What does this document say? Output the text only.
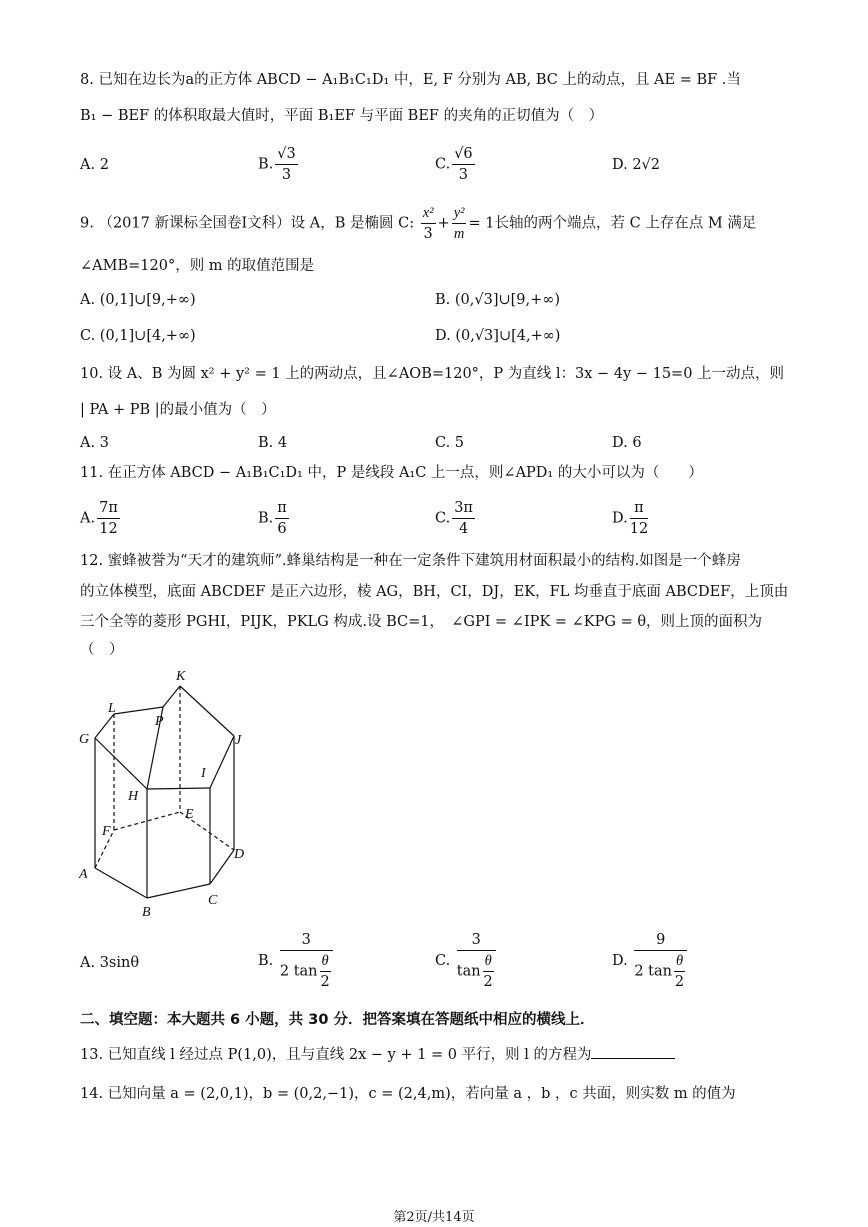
8. 已知在边长为a的正方体 ABCD − A₁B₁C₁D₁ 中，E, F 分别为 AB, BC 上的动点，且 AE = BF .当
B₁ − BEF 的体积取最大值时，平面 B₁EF 与平面 BEF 的夹角的正切值为（　）
A. 2	B. $\frac{√3}{3}$	C. $\frac{√6}{3}$	D. 2√2
9. （2017 新课标全国卷Ⅰ文科）设 A，B 是椭圆 C: $\frac{\text{x²}}{3} + \frac{\text{y²}}{m} = 1$长轴的两个端点，若 C 上存在点 M 满足
∠AMB=120°，则 m 的取值范围是
A. (0,1]∪[9,+∞)	B. (0,√3]∪[9,+∞)
C. (0,1]∪[4,+∞)	D. (0,√3]∪[4,+∞)
10. 设 A、B 为圆 x² + y² = 1 上的两动点，且∠AOB=120°，P 为直线 l：3x − 4y − 15=0 上一动点，则
| PA + PB |的最小值为（　）
A. 3	B. 4	C. 5	D. 6
11. 在正方体 ABCD − A₁B₁C₁D₁ 中，P 是线段 A₁C 上一点，则∠APD₁ 的大小可以为（　　）
A. $\frac{7\pi}{12}$	B. $\frac{\pi}{6}$	C. $\frac{3\pi}{4}$	D. $\frac{\pi}{12}$
12. 蜜蜂被誉为“天才的建筑师”.蜂巢结构是一种在一定条件下建筑用材面积最小的结构.如图是一个蜂房
的立体模型，底面 ABCDEF 是正六边形，棱 AG，BH，CI，DJ，EK，FL 均垂直于底面 ABCDEF，上顶由
三个全等的菱形 PGHI，PIJK，PKLG 构成.设 BC=1，　∠GPI = ∠IPK = ∠KPG = θ，则上顶的面积为
（　）
K
L
P
G	J
I
H
E
F
D
A
C
B
A. 3sinθ	B. $\frac{3}{2 \tan \frac{\theta}{2}}$	C. $\frac{3}{\tan \frac{\theta}{2}}$	D. $\frac{9}{2 \tan \frac{\theta}{2}}$
二、填空题：本大题共 6 小题，共 30 分．把答案填在答题纸中相应的横线上．
13. 已知直线 l 经过点 P(1,0)，且与直线 2x − y + 1 = 0 平行，则 l 的方程为
14. 已知向量 a = (2,0,1)，b = (0,2,−1)，c = (2,4,m)，若向量 a ，b ，c 共面，则实数 m 的值为
第2页/共14页
